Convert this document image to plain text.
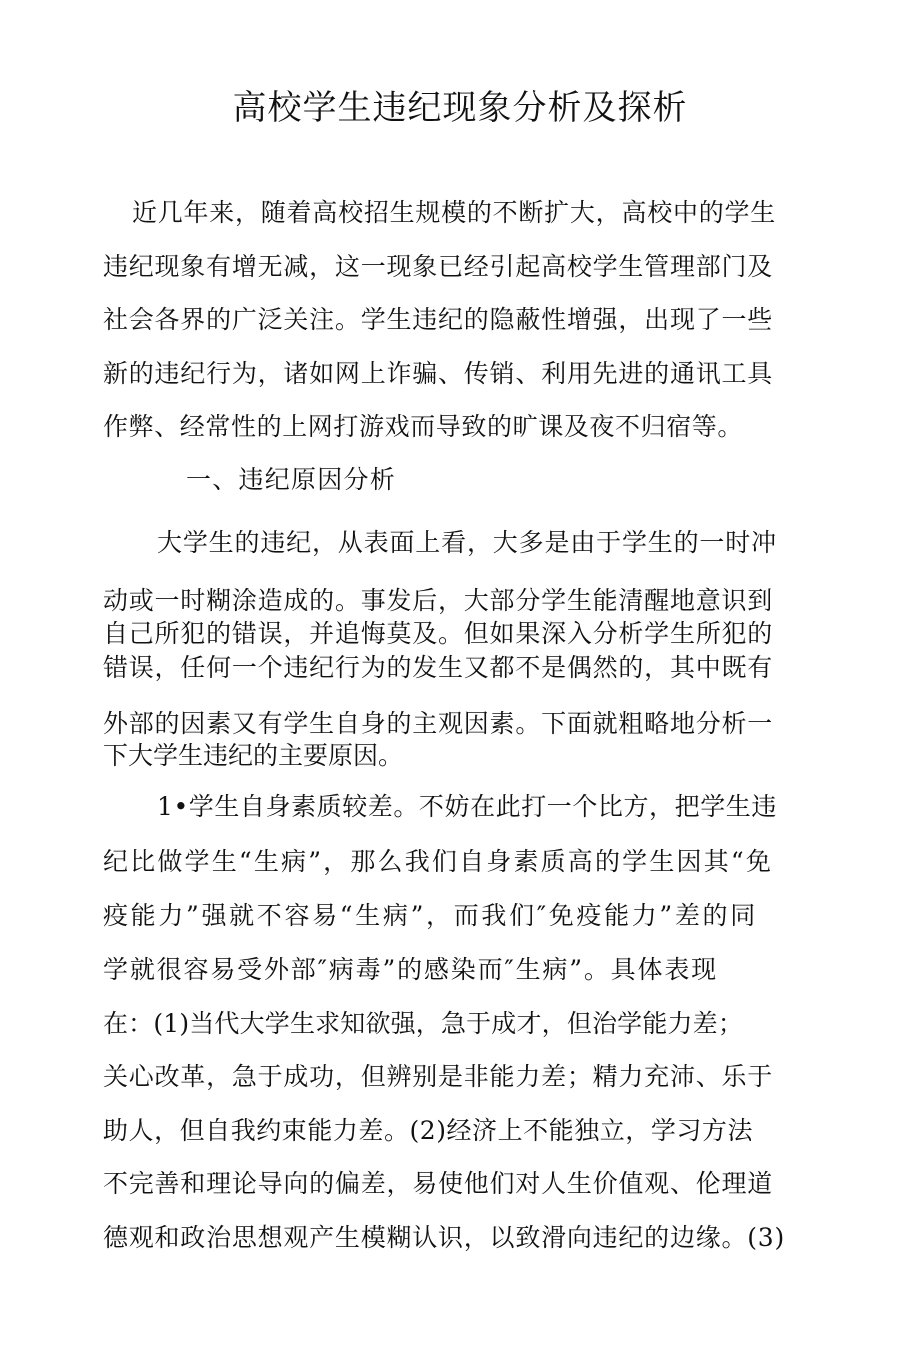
高校学生违纪现象分析及探析
近几年来，随着高校招生规模的不断扩大，高校中的学生
违纪现象有增无减，这一现象已经引起高校学生管理部门及
社会各界的广泛关注。学生违纪的隐蔽性增强，出现了一些
新的违纪行为，诸如网上诈骗、传销、利用先进的通讯工具
作弊、经常性的上网打游戏而导致的旷课及夜不归宿等。
一、违纪原因分析
大学生的违纪，从表面上看，大多是由于学生的一时冲
动或一时糊涂造成的。事发后，大部分学生能清醒地意识到
自己所犯的错误，并追悔莫及。但如果深入分析学生所犯的
错误，任何一个违纪行为的发生又都不是偶然的，其中既有
外部的因素又有学生自身的主观因素。下面就粗略地分析一
下大学生违纪的主要原因。
1•学生自身素质较差。不妨在此打一个比方，把学生违
纪比做学生“生病”，那么我们自身素质高的学生因其“免
疫能力”强就不容易“生病”，而我们″免疫能力”差的同
学就很容易受外部″病毒”的感染而″生病”。具体表现
在：(1)当代大学生求知欲强，急于成才，但治学能力差；
关心改革，急于成功，但辨别是非能力差；精力充沛、乐于
助人，但自我约束能力差。(2)经济上不能独立，学习方法
不完善和理论导向的偏差，易使他们对人生价值观、伦理道
德观和政治思想观产生模糊认识，以致滑向违纪的边缘。(3)
